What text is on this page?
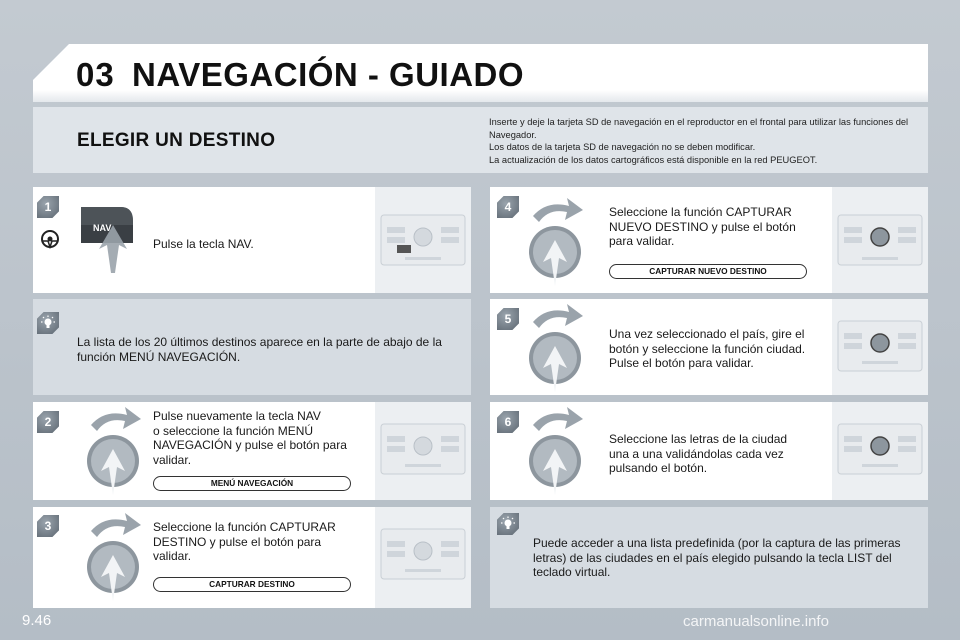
03 NAVEGACIÓN - GUIADO
ELEGIR UN DESTINO
Inserte y deje la tarjeta SD de navegación en el reproductor en el frontal para utilizar las funciones del
Navegador.
Los datos de la tarjeta SD de navegación no se deben modificar.
La actualización de los datos cartográficos está disponible en la red PEUGEOT.
1
NAV
Pulse la tecla NAV.
La lista de los 20 últimos destinos aparece en la parte de abajo de la
función MENÚ NAVEGACIÓN.
2	Pulse nuevamente la tecla NAV
o seleccione la función MENÚ
NAVEGACIÓN y pulse el botón para
validar.
MENÚ NAVEGACIÓN
3	Seleccione la función CAPTURAR
DESTINO y pulse el botón para
validar.
CAPTURAR DESTINO
4	Seleccione la función CAPTURAR
NUEVO DESTINO y pulse el botón
para validar.
CAPTURAR NUEVO DESTINO
5
Una vez seleccionado el país, gire el
botón y seleccione la función ciudad.
Pulse el botón para validar.
6
Seleccione las letras de la ciudad
una a una validándolas cada vez
pulsando el botón.
Puede acceder a una lista predefinida (por la captura de las primeras
letras) de las ciudades en el país elegido pulsando la tecla LIST del
teclado virtual.
9.46	carmanualsonline.info
